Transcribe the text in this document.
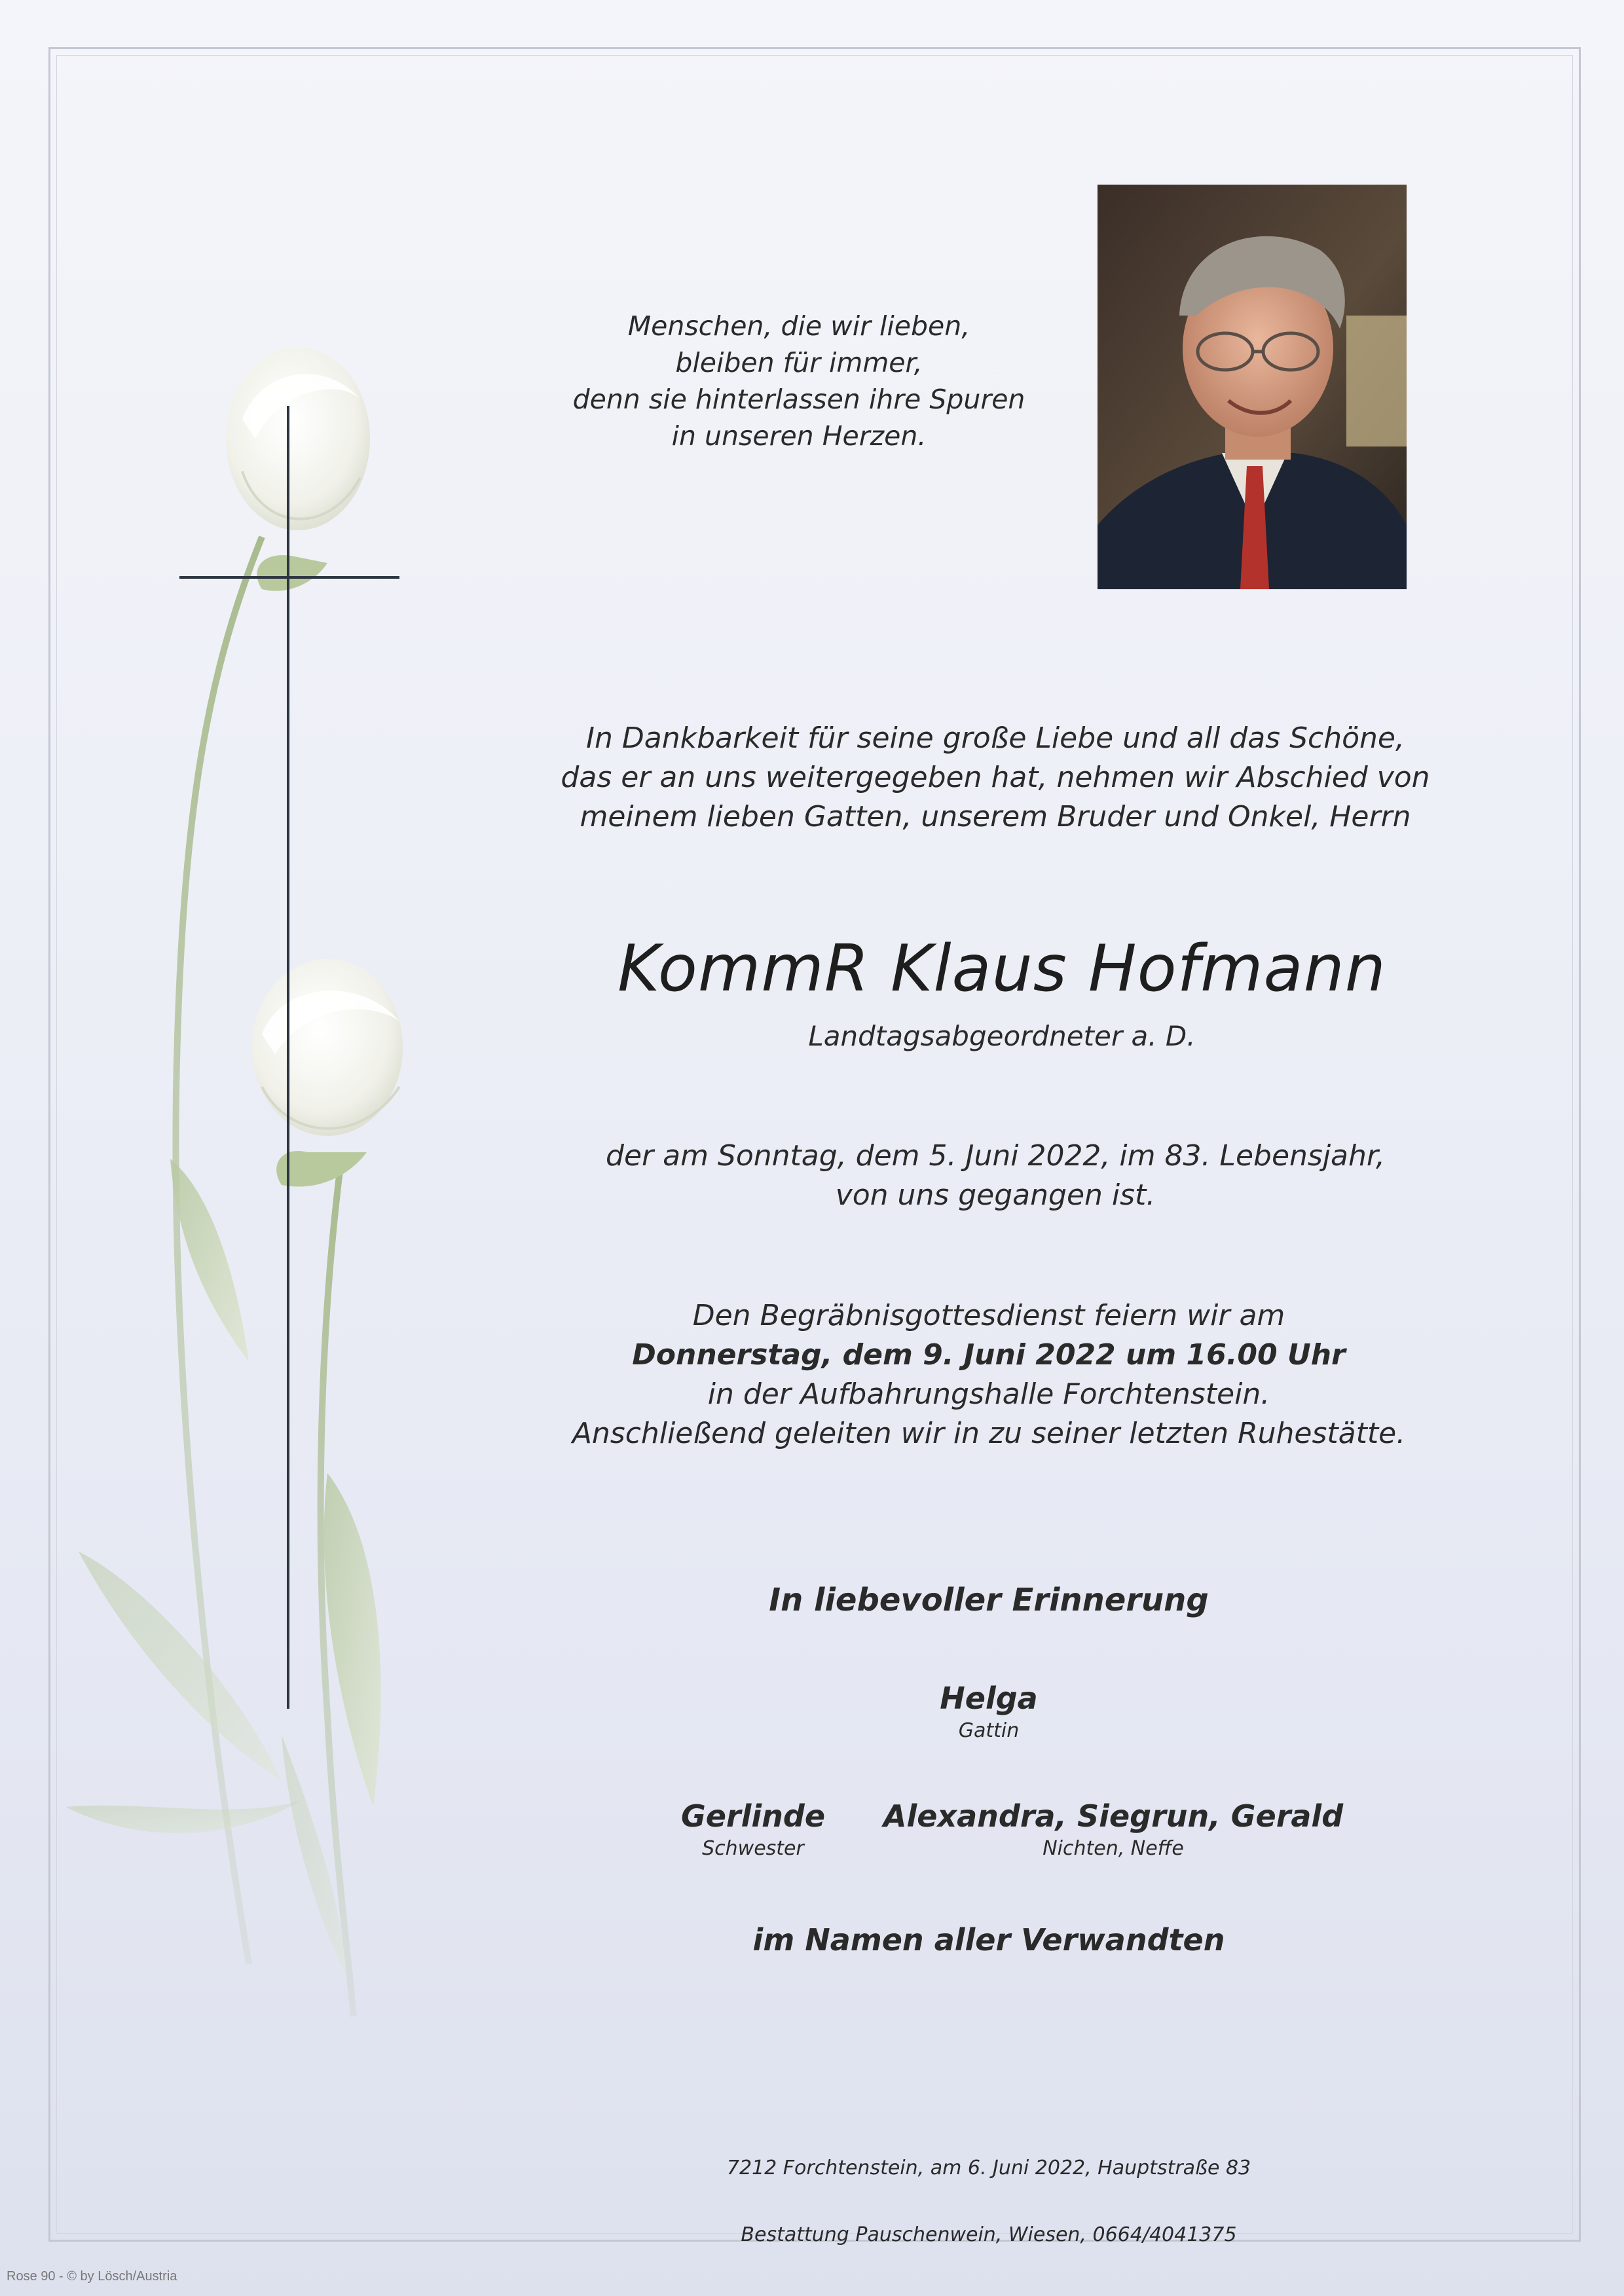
Menschen, die wir lieben,
bleiben für immer,
denn sie hinterlassen ihre Spuren
in unseren Herzen.
In Dankbarkeit für seine große Liebe und all das Schöne,
das er an uns weitergegeben hat, nehmen wir Abschied von
meinem lieben Gatten, unserem Bruder und Onkel, Herrn
KommR Klaus Hofmann
Landtagsabgeordneter a. D.
der am Sonntag, dem 5. Juni 2022, im 83. Lebensjahr,
von uns gegangen ist.
Den Begräbnisgottesdienst feiern wir am
Donnerstag, dem 9. Juni 2022 um 16.00 Uhr
in der Aufbahrungshalle Forchtenstein.
Anschließend geleiten wir in zu seiner letzten Ruhestätte.
In liebevoller Erinnerung
Helga
Gattin
Gerlinde
Schwester
Alexandra, Siegrun, Gerald
Nichten, Neffe
im Namen aller Verwandten
7212 Forchtenstein, am 6. Juni 2022, Hauptstraße 83
Bestattung Pauschenwein, Wiesen, 0664/4041375
Rose 90 - © by Lösch/Austria
